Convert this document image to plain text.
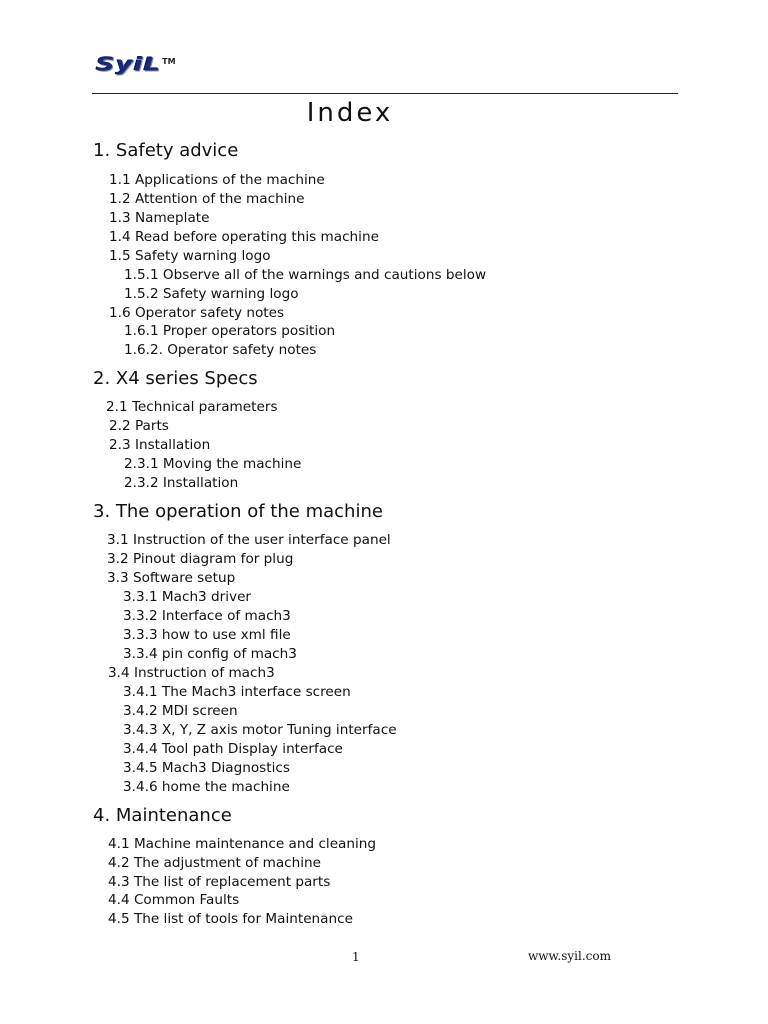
SyiL TM
Index
1. Safety advice
1.1 Applications of the machine
1.2 Attention of the machine
1.3 Nameplate
1.4 Read before operating this machine
1.5 Safety warning logo
1.5.1 Observe all of the warnings and cautions below
1.5.2 Safety warning logo
1.6 Operator safety notes
1.6.1 Proper operators position
1.6.2. Operator safety notes
2. X4 series Specs
2.1 Technical parameters
2.2 Parts
2.3 Installation
2.3.1 Moving the machine
2.3.2 Installation
3. The operation of the machine
3.1 Instruction of the user interface panel
3.2 Pinout diagram for plug
3.3 Software setup
3.3.1 Mach3 driver
3.3.2 Interface of mach3
3.3.3 how to use xml file
3.3.4 pin config of mach3
3.4 Instruction of mach3
3.4.1 The Mach3 interface screen
3.4.2 MDI screen
3.4.3 X, Y, Z axis motor Tuning interface
3.4.4 Tool path Display interface
3.4.5 Mach3 Diagnostics
3.4.6 home the machine
4. Maintenance
4.1 Machine maintenance and cleaning
4.2 The adjustment of machine
4.3 The list of replacement parts
4.4 Common Faults
4.5 The list of tools for Maintenance
1	www.syil.com
